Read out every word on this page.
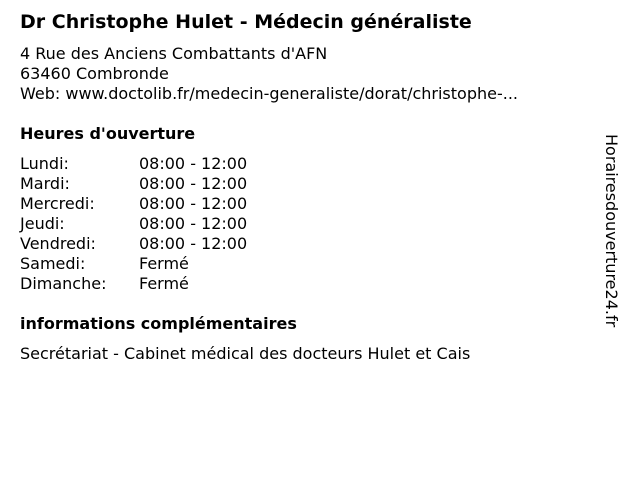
Dr Christophe Hulet - Médecin généraliste
4 Rue des Anciens Combattants d'AFN
63460 Combronde
Web: www.doctolib.fr/medecin-generaliste/dorat/christophe-...
Heures d'ouverture
Lundi:	08:00 - 12:00
Mardi:	08:00 - 12:00
Mercredi:	08:00 - 12:00
Jeudi:	08:00 - 12:00
Vendredi:	08:00 - 12:00
Samedi:	Fermé
Dimanche:	Fermé
informations complémentaires
Secrétariat - Cabinet médical des docteurs Hulet et Cais
Horairesdouverture24.fr
